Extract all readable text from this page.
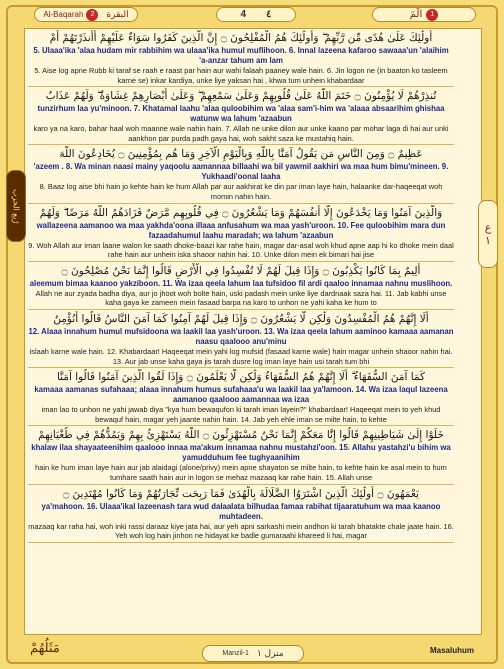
Al-Baqarah	2	البقرة	4 ٤	الٓمٓ	1
رُبع الحزب
ع
١
أُولَٰئِكَ عَلَىٰ هُدًى مِّن رَّبِّهِمْ ۖ وَأُولَٰئِكَ هُمُ الْمُفْلِحُونَ ۝ إِنَّ الَّذِينَ كَفَرُوا سَوَاءٌ عَلَيْهِمْ أَأَنذَرْتَهُمْ أَمْ
5. Ulaaa'ika 'alaa hudam mir rabbihim wa ulaaa'ika humul muflihoon. 6. Innal lazeena kafaroo sawaaa'un 'alaihim 'a-anzar tahum am lam
5. Aise log apne Rubb ki taraf se raah e raast par hain aur wahi falaah paaney wale hain. 6. Jin logon ne (in baaton ko tasleem karne se) inkar kardiya, unke liye yaksan hai , khwa tum unhein khabardaar
تُنذِرْهُمْ لَا يُؤْمِنُونَ ۝ خَتَمَ اللَّهُ عَلَىٰ قُلُوبِهِمْ وَعَلَىٰ سَمْعِهِمْ ۖ وَعَلَىٰ أَبْصَارِهِمْ غِشَاوَةٌ ۖ وَلَهُمْ عَذَابٌ
tunzirhum laa yu'minoon. 7. Khatamal laahu 'alaa quloobihim wa 'alaa sam'i-him wa 'alaaa absaarihim ghishaa watunw wa lahum 'azaabun
karo ya na karo, bahar haal woh maanne wale nahin hain. 7. Allah ne unke dilon aur unke kaano par mohar laga di hai aur unki aankhon par purda padh gaya hai, woh sakht saza ke mustahiq hain.
عَظِيمٌ ۝ وَمِنَ النَّاسِ مَن يَقُولُ آمَنَّا بِاللَّهِ وَبِالْيَوْمِ الْآخِرِ وَمَا هُم بِمُؤْمِنِينَ ۝ يُخَادِعُونَ اللَّهَ
'azeem . 8. Wa minan naasi mainy yaqoolu aamannaa billaahi wa bil yawmil aakhiri wa maa hum bimu'mineen. 9. Yukhaadi'oonal laaha
8. Baaz log aise bhi hain jo kehte hain ke hum Allah par aur aakhirat ke din par iman laye hain, halaanke dar-haqeeqat woh momin nahin hain.
وَالَّذِينَ آمَنُوا وَمَا يَخْدَعُونَ إِلَّا أَنفُسَهُمْ وَمَا يَشْعُرُونَ ۝ فِي قُلُوبِهِم مَّرَضٌ فَزَادَهُمُ اللَّهُ مَرَضًا ۖ وَلَهُمْ
wallazeena aamanoo wa maa yakhda'oona illaaa anfusahum wa maa yash'uroon. 10. Fee quloobihim mara dun fazaadahumul laahu maradah; wa lahum 'azaabun
9. Woh Allah aur iman laane walon ke saath dhoke-baazi kar rahe hain, magar dar-asal woh khud apne aap hi ko dhoke mein daal rahe hain aur unhein iska shaoor nahin hai. 10. Unke dilon mein ek bimari hai jise
أَلِيمٌ بِمَا كَانُوا يَكْذِبُونَ ۝ وَإِذَا قِيلَ لَهُمْ لَا تُفْسِدُوا فِي الْأَرْضِ قَالُوا إِنَّمَا نَحْنُ مُصْلِحُونَ ۝
aleemum bimaa kaanoo yakziboon. 11. Wa izaa qeela lahum laa tufsidoo fil ardi qaaloo innamaa nahnu muslihoon.
Allah ne aur zyada badha diya, aur jo jhoot woh bolte hain, uski padash mein unke liye dardnaak saza hai. 11. Jab kabhi unse kaha gaya ke zameen mein fasaad barpa na karo to unhon ne yahi kaha ke hum to
أَلَا إِنَّهُمْ هُمُ الْمُفْسِدُونَ وَلَٰكِن لَّا يَشْعُرُونَ ۝ وَإِذَا قِيلَ لَهُمْ آمِنُوا كَمَا آمَنَ النَّاسُ قَالُوا أَنُؤْمِنُ
12. Alaaa innahum humul mufsidoona wa laakil laa yash'uroon. 13. Wa izaa qeela lahum aaminoo kamaaa aamanan naasu qaalooo anu'minu
islaah karne wale hain. 12. Khabardaar! Haqeeqat mein yahi log mufsid (fasaad karne wale) hain magar unhein shaoor nahin hai. 13. Aur jab unse kaha gaya jis tarah dusre log iman laye hain usi tarah tum bhi
كَمَا آمَنَ السُّفَهَاءُ ۗ أَلَا إِنَّهُمْ هُمُ السُّفَهَاءُ وَلَٰكِن لَّا يَعْلَمُونَ ۝ وَإِذَا لَقُوا الَّذِينَ آمَنُوا قَالُوا آمَنَّا
kamaaa aamanas sufahaaa; alaaa innahum humus sufahaaa'u wa laakil laa ya'lamoon. 14. Wa izaa laqul lazeena aamanoo qaalooo aamannaa wa izaa
iman lao to unhon ne yahi jawab diya "kya hum bewaqufon ki tarah iman layein?" khabardaar! Haqeeqat mein to yeh khud bewaquf hain, magar yeh jaante nahin hain. 14. Jab yeh ehle iman se milte hain, to kehte
خَلَوْا إِلَىٰ شَيَاطِينِهِمْ قَالُوا إِنَّا مَعَكُمْ إِنَّمَا نَحْنُ مُسْتَهْزِئُونَ ۝ اللَّهُ يَسْتَهْزِئُ بِهِمْ وَيَمُدُّهُمْ فِي طُغْيَانِهِمْ
khalaw ilaa shayaateenihim qaalooo innaa ma'akum innamaa nahnu mustahzi'oon. 15. Allahu yastahzi'u bihim wa yamudduhum fee tughyaanihim
hain ke hum iman laye hain aur jab alaidagi (alone/privy) mein apne shayaton se milte hain, to kehte hain ke asal mein to hum tumhare saath hain aur in logon se mehaz mazaaq kar rahe hain. 15. Allah unse
يَعْمَهُونَ ۝ أُولَٰئِكَ الَّذِينَ اشْتَرَوُا الضَّلَالَةَ بِالْهُدَىٰ فَمَا رَبِحَت تِّجَارَتُهُمْ وَمَا كَانُوا مُهْتَدِينَ ۝
ya'mahoon. 16. Ulaaa'ikal lazeenash tara wud dalaalata bilhudaa famaa rabihat tijaaratuhum wa maa kaanoo muhtadeen.
mazaaq kar raha hai, woh inki rassi daraaz kiye jata hai, aur yeh apni sarkashi mein andhon ki tarah bhatakte chale jaate hain. 16. Yeh woh log hain jinhon ne hidayat ke badle gumaraahi khareed li hai, magar
مَثَلُهُمْ	Manzil-1 منزل ١	Masaluhum
